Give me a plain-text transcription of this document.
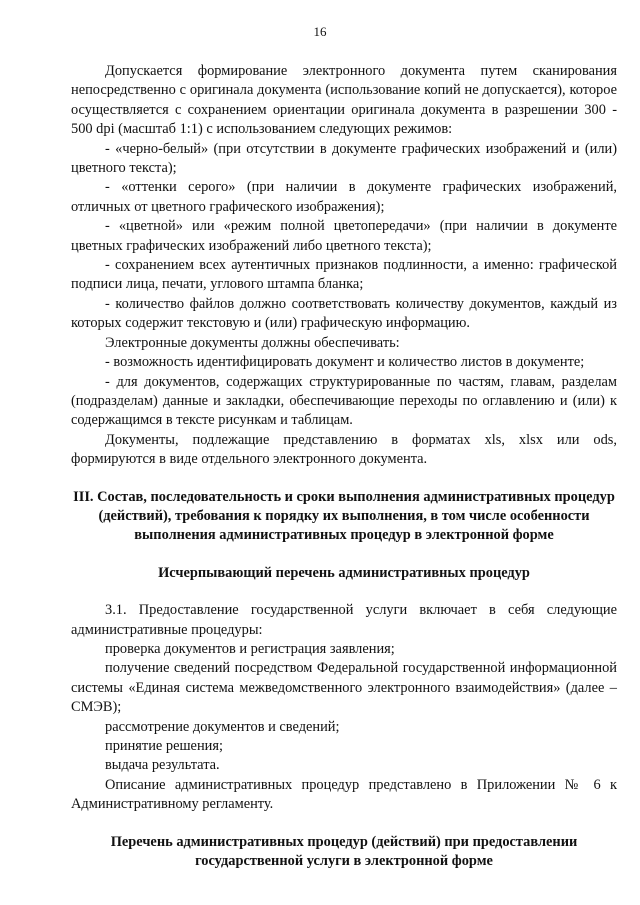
16

Допускается формирование электронного документа путем сканирования непосредственно с оригинала документа (использование копий не допускается), которое осуществляется с сохранением ориентации оригинала документа в разрешении 300 - 500 dpi (масштаб 1:1) с использованием следующих режимов:

- «черно-белый» (при отсутствии в документе графических изображений и (или) цветного текста);

- «оттенки серого» (при наличии в документе графических изображений, отличных от цветного графического изображения);

- «цветной» или «режим полной цветопередачи» (при наличии в документе цветных графических изображений либо цветного текста);

- сохранением всех аутентичных признаков подлинности, а именно: графической подписи лица, печати, углового штампа бланка;

- количество файлов должно соответствовать количеству документов, каждый из которых содержит текстовую и (или) графическую информацию.

Электронные документы должны обеспечивать:

- возможность идентифицировать документ и количество листов в документе;

- для документов, содержащих структурированные по частям, главам, разделам (подразделам) данные и закладки, обеспечивающие переходы по оглавлению и (или) к содержащимся в тексте рисункам и таблицам.

Документы, подлежащие представлению в форматах xls, xlsx или ods, формируются в виде отдельного электронного документа.

III. Состав, последовательность и сроки выполнения административных процедур (действий), требования к порядку их выполнения, в том числе особенности выполнения административных процедур в электронной форме

Исчерпывающий перечень административных процедур

3.1. Предоставление государственной услуги включает в себя следующие административные процедуры:

проверка документов и регистрация заявления;

получение сведений посредством Федеральной государственной информационной системы «Единая система межведомственного электронного взаимодействия» (далее – СМЭВ);

рассмотрение документов и сведений;

принятие решения;

выдача результата.

Описание административных процедур представлено в Приложении № 6 к Административному регламенту.

Перечень административных процедур (действий) при предоставлении государственной услуги в электронной форме
